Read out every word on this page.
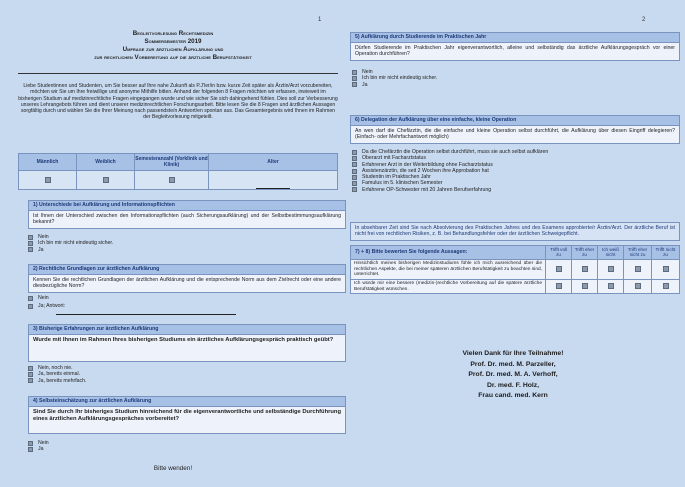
1
Begleitvorlesung Rechtsmedizin
Sommersemester 2019
Umfrage zur ärztlichen Aufklärung und
zur rechtlichen Vorbereitung auf die ärztliche Berufstätigkeit
Liebe Studentinnen und Studenten, um Sie besser auf Ihre nahe Zukunft als P.J'ler/in bzw. kurze Zeit später als Ärztin/Arzt vorzubereiten, möchten wir Sie um Ihre freiwillige und anonyme Mithilfe bitten. Anhand der folgenden 8 Fragen möchten wir erfassen, inwieweit im bisherigen Studium auf medizinrechtliche Fragen eingegangen wurde und wie sicher Sie sich dahingehend fühlen. Dies soll zur Verbesserung unseres Lehrangebots führen und dient unserer medizinrechtlichen Forschungsarbeit. Bitte lesen Sie die 8 Fragen und ärztlichen Aussagen sorgfältig durch und wählen Sie die Ihrer Meinung nach passendste/n Antwort/en spontan aus. Das Gesamtergebnis wird Ihnen im Rahmen der Begleitvorlesung mitgeteilt.
Männlich	Weiblich	Semesteranzahl (Vorklinik und Klinik)	Alter

1) Unterschiede bei Aufklärung und Informationspflichten
Ist Ihnen der Unterschied zwischen den Informationspflichten (auch Sicherungsaufklärung) und der Selbstbestimmungsaufklärung bekannt?
Nein
Ich bin mir nicht eindeutig sicher.
Ja
2) Rechtliche Grundlagen zur ärztlichen Aufklärung
Kennen Sie die rechtlichen Grundlagen der ärztlichen Aufklärung und die entsprechende Norm aus dem Zivilrecht oder eine andere diesbezügliche Norm?
Nein
Ja; Antwort:
3) Bisherige Erfahrungen zur ärztlichen Aufklärung
Wurde mit Ihnen im Rahmen Ihres bisherigen Studiums ein ärztliches Aufklärungsgespräch praktisch geübt?
Nein, noch nie.
Ja, bereits einmal.
Ja, bereits mehrfach.
4) Selbsteinschätzung zur ärztlichen Aufklärung
Sind Sie durch Ihr bisheriges Studium hinreichend für die eigenverantwortliche und selbständige Durchführung eines ärztlichen Aufklärungsgespräches vorbereitet?
Nein
Ja
Bitte wenden!
2
5) Aufklärung durch Studierende im Praktischen Jahr
Dürfen Studierende im Praktischen Jahr eigenverantwortlich, alleine und selbständig das ärztliche Aufklärungsgespräch vor einer Operation durchführen?
Nein
Ich bin mir nicht eindeutig sicher.
Ja
6) Delegation der Aufklärung über eine einfache, kleine Operation
An wen darf die Chefärztin, die die einfache und kleine Operation selbst durchführt, die Aufklärung über diesen Eingriff delegieren? (Einfach- oder Mehrfachantwort möglich)
Da die Chefärztin die Operation selbst durchführt, muss sie auch selbst aufklären
Oberarzt mit Facharztstatus
Erfahrener Arzt in der Weiterbildung ohne Facharztstatus
Assistenzärztin, die seit 2 Wochen ihre Approbation hat
Studentin im Praktischen Jahr
Famulus im 5. klinischen Semester
Erfahrene OP-Schwester mit 20 Jahren Berufserfahrung
In absehbarer Zeit sind Sie nach Absolvierung des Praktischen Jahres und des Examens approbierte/r Ärztin/Arzt. Der ärztliche Beruf ist nicht frei von rechtlichen Risiken, z. B. bei Behandlungsfehler oder der ärztlichen Schweigepflicht.
7) + 8) Bitte bewerten Sie folgende Aussagen:	Trifft voll zu	Trifft eher zu	Ich weiß nicht	Trifft eher nicht zu	Trifft nicht zu
Hinsichtlich meines bisherigen Medizinstudiums fühle ich mich ausreichend über die rechtlichen Aspekte, die bei meiner späteren ärztlichen Berufstätigkeit zu beachten sind, unterrichtet.					
Ich würde mir eine bessere (medizin-)rechtliche Vorbereitung auf die spätere ärztliche Berufstätigkeit wünschen.					
Vielen Dank für Ihre Teilnahme!
Prof. Dr. med. M. Parzeller,
Prof. Dr. med. M. A. Verhoff,
Dr. med. F. Holz,
Frau cand. med. Kern
